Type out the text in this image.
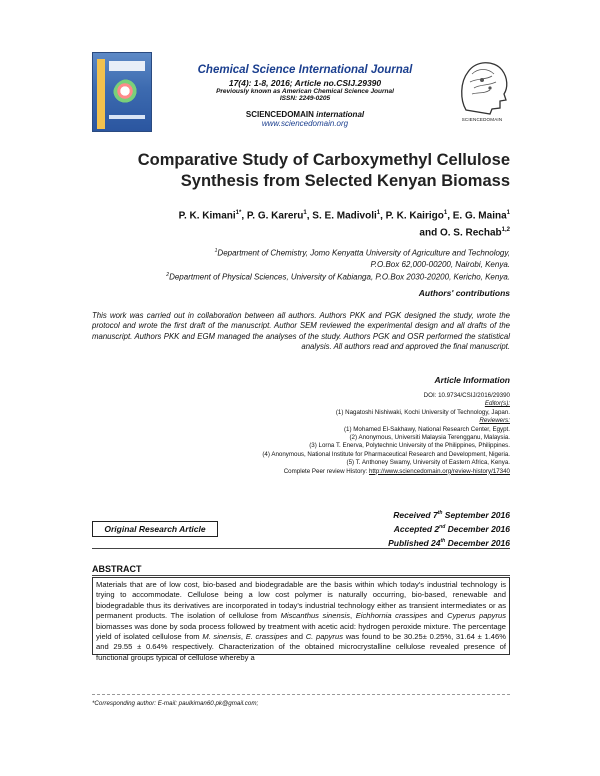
Chemical Science International Journal
17(4): 1-8, 2016; Article no.CSIJ.29390
Previously known as American Chemical Science Journal
ISSN: 2249-0205
SCIENCEDOMAIN international
www.sciencedomain.org	SCIENCEDOMAIN
Comparative Study of Carboxymethyl Cellulose
Synthesis from Selected Kenyan Biomass
P. K. Kimani$^{1*}$, P. G. Kareru$^1$, S. E. Madivoli$^1$, P. K. Kairigo$^1$, E. G. Maina$^1$
and O. S. Rechab$^{1,2}$
$^1$Department of Chemistry, Jomo Kenyatta University of Agriculture and Technology,
P.O.Box 62,000-00200, Nairobi, Kenya.
$^2$Department of Physical Sciences, University of Kabianga, P.O.Box 2030-20200, Kericho, Kenya.
Authors' contributions
This work was carried out in collaboration between all authors. Authors PKK and PGK designed the study, wrote the protocol and wrote the first draft of the manuscript. Author SEM reviewed the experimental design and all drafts of the manuscript. Authors PKK and EGM managed the analyses of the study. Authors PGK and OSR performed the statistical analysis. All authors read and approved the final manuscript.
Article Information
DOI: 10.9734/CSIJ/2016/29390
Editor(s):
(1) Nagatoshi Nishiwaki, Kochi University of Technology, Japan.
Reviewers:
(1) Mohamed El-Sakhawy, National Research Center, Egypt.
(2) Anonymous, Universiti Malaysia Terengganu, Malaysia.
(3) Lorna T. Enerva, Polytechnic University of the Philippines, Philippines.
(4) Anonymous, National Institute for Pharmaceutical Research and Development, Nigeria.
(5) T. Anthoney Swamy, University of Eastern Africa, Kenya.
Complete Peer review History: http://www.sciencedomain.org/review-history/17340
Received 7th September 2016
Accepted 2nd December 2016
Published 24th December 2016
Original Research Article
ABSTRACT
Materials that are of low cost, bio-based and biodegradable are the basis within which today's industrial technology is trying to accommodate. Cellulose being a low cost polymer is naturally occurring, bio-based, renewable and biodegradable thus its derivatives are incorporated in today's industrial technology either as transient intermediates or as permanent products. The isolation of cellulose from Miscanthus sinensis, Eichhornia crassipes and Cyperus papyrus biomasses was done by soda process followed by treatment with acetic acid: hydrogen peroxide mixture. The percentage yield of isolated cellulose from M. sinensis, E. crassipes and C. papyrus was found to be 30.25± 0.25%, 31.64 ± 1.46% and 29.55 ± 0.64% respectively. Characterization of the obtained microcrystalline cellulose revealed presence of functional groups typical of cellulose whereby a
*Corresponding author: E-mail: paulkiman60.pk@gmail.com;
